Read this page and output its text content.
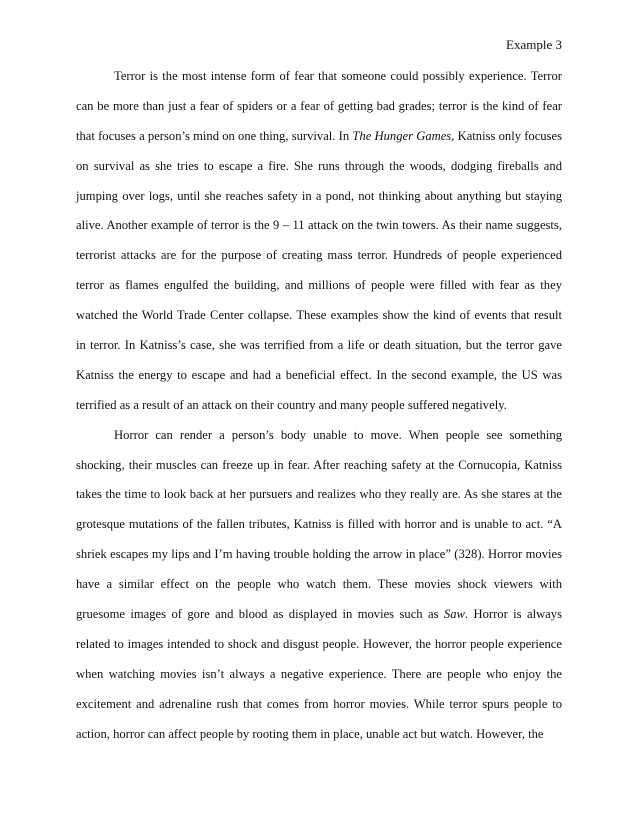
Example 3
Terror is the most intense form of fear that someone could possibly experience. Terror
can be more than just a fear of spiders or a fear of getting bad grades; terror is the kind of fear
that focuses a person’s mind on one thing, survival. In The Hunger Games, Katniss only focuses
on survival as she tries to escape a fire. She runs through the woods, dodging fireballs and
jumping over logs, until she reaches safety in a pond, not thinking about anything but staying
alive. Another example of terror is the 9 – 11 attack on the twin towers. As their name suggests,
terrorist attacks are for the purpose of creating mass terror. Hundreds of people experienced
terror as flames engulfed the building, and millions of people were filled with fear as they
watched the World Trade Center collapse. These examples show the kind of events that result
in terror. In Katniss’s case, she was terrified from a life or death situation, but the terror gave
Katniss the energy to escape and had a beneficial effect. In the second example, the US was
terrified as a result of an attack on their country and many people suffered negatively.
Horror can render a person’s body unable to move. When people see something
shocking, their muscles can freeze up in fear. After reaching safety at the Cornucopia, Katniss
takes the time to look back at her pursuers and realizes who they really are. As she stares at the
grotesque mutations of the fallen tributes, Katniss is filled with horror and is unable to act. “A
shriek escapes my lips and I’m having trouble holding the arrow in place” (328). Horror movies
have a similar effect on the people who watch them. These movies shock viewers with
gruesome images of gore and blood as displayed in movies such as Saw. Horror is always
related to images intended to shock and disgust people. However, the horror people experience
when watching movies isn’t always a negative experience. There are people who enjoy the
excitement and adrenaline rush that comes from horror movies. While terror spurs people to
action, horror can affect people by rooting them in place, unable act but watch. However, the
